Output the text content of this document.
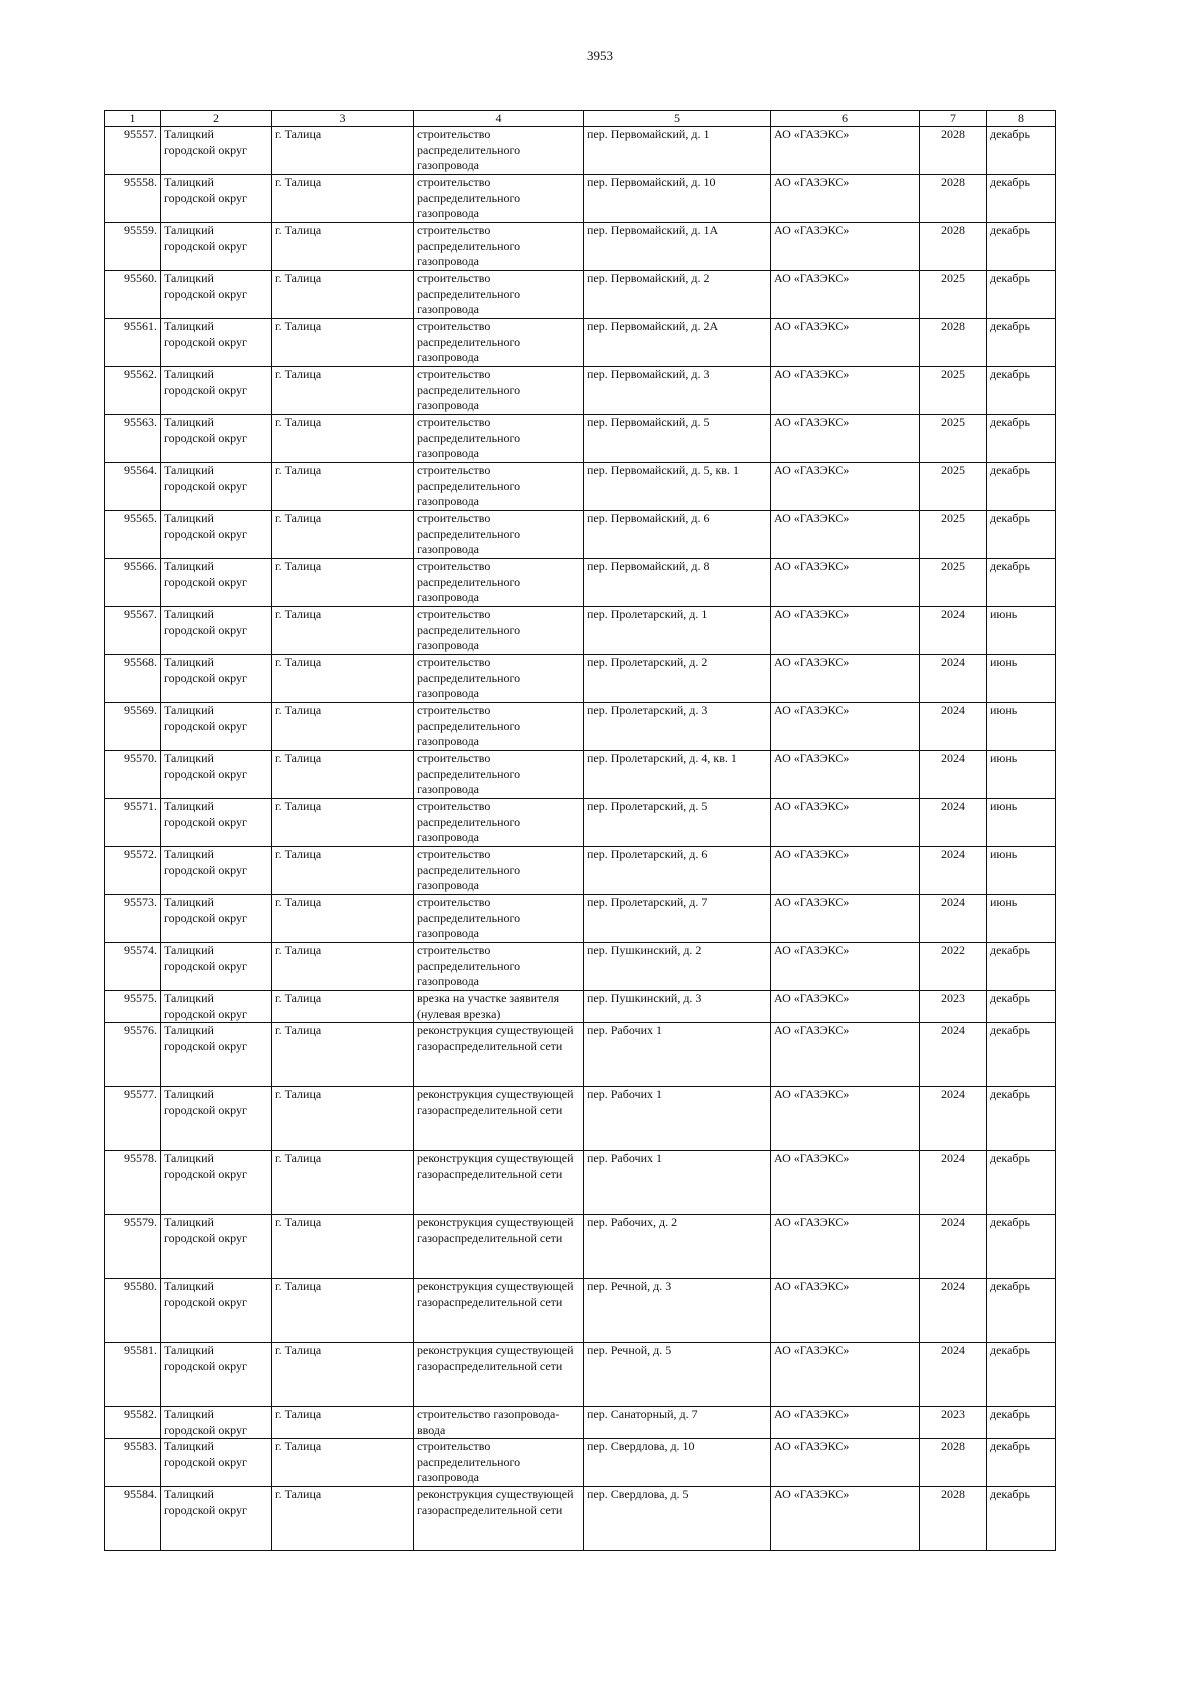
3953
1	2	3	4	5	6	7	8
95557.	Талицкий городской округ	г. Талица	строительство распределительного газопровода	пер. Первомайский, д. 1	АО «ГАЗЭКС»	2028	декабрь
95558.	Талицкий городской округ	г. Талица	строительство распределительного газопровода	пер. Первомайский, д. 10	АО «ГАЗЭКС»	2028	декабрь
95559.	Талицкий городской округ	г. Талица	строительство распределительного газопровода	пер. Первомайский, д. 1А	АО «ГАЗЭКС»	2028	декабрь
95560.	Талицкий городской округ	г. Талица	строительство распределительного газопровода	пер. Первомайский, д. 2	АО «ГАЗЭКС»	2025	декабрь
95561.	Талицкий городской округ	г. Талица	строительство распределительного газопровода	пер. Первомайский, д. 2А	АО «ГАЗЭКС»	2028	декабрь
95562.	Талицкий городской округ	г. Талица	строительство распределительного газопровода	пер. Первомайский, д. 3	АО «ГАЗЭКС»	2025	декабрь
95563.	Талицкий городской округ	г. Талица	строительство распределительного газопровода	пер. Первомайский, д. 5	АО «ГАЗЭКС»	2025	декабрь
95564.	Талицкий городской округ	г. Талица	строительство распределительного газопровода	пер. Первомайский, д. 5, кв. 1	АО «ГАЗЭКС»	2025	декабрь
95565.	Талицкий городской округ	г. Талица	строительство распределительного газопровода	пер. Первомайский, д. 6	АО «ГАЗЭКС»	2025	декабрь
95566.	Талицкий городской округ	г. Талица	строительство распределительного газопровода	пер. Первомайский, д. 8	АО «ГАЗЭКС»	2025	декабрь
95567.	Талицкий городской округ	г. Талица	строительство распределительного газопровода	пер. Пролетарский, д. 1	АО «ГАЗЭКС»	2024	июнь
95568.	Талицкий городской округ	г. Талица	строительство распределительного газопровода	пер. Пролетарский, д. 2	АО «ГАЗЭКС»	2024	июнь
95569.	Талицкий городской округ	г. Талица	строительство распределительного газопровода	пер. Пролетарский, д. 3	АО «ГАЗЭКС»	2024	июнь
95570.	Талицкий городской округ	г. Талица	строительство распределительного газопровода	пер. Пролетарский, д. 4, кв. 1	АО «ГАЗЭКС»	2024	июнь
95571.	Талицкий городской округ	г. Талица	строительство распределительного газопровода	пер. Пролетарский, д. 5	АО «ГАЗЭКС»	2024	июнь
95572.	Талицкий городской округ	г. Талица	строительство распределительного газопровода	пер. Пролетарский, д. 6	АО «ГАЗЭКС»	2024	июнь
95573.	Талицкий городской округ	г. Талица	строительство распределительного газопровода	пер. Пролетарский, д. 7	АО «ГАЗЭКС»	2024	июнь
95574.	Талицкий городской округ	г. Талица	строительство распределительного газопровода	пер. Пушкинский, д. 2	АО «ГАЗЭКС»	2022	декабрь
95575.	Талицкий городской округ	г. Талица	врезка на участке заявителя (нулевая врезка)	пер. Пушкинский, д. 3	АО «ГАЗЭКС»	2023	декабрь
95576.	Талицкий городской округ	г. Талица	реконструкция существующей газораспределительной сети	пер. Рабочих 1	АО «ГАЗЭКС»	2024	декабрь
95577.	Талицкий городской округ	г. Талица	реконструкция существующей газораспределительной сети	пер. Рабочих 1	АО «ГАЗЭКС»	2024	декабрь
95578.	Талицкий городской округ	г. Талица	реконструкция существующей газораспределительной сети	пер. Рабочих 1	АО «ГАЗЭКС»	2024	декабрь
95579.	Талицкий городской округ	г. Талица	реконструкция существующей газораспределительной сети	пер. Рабочих, д. 2	АО «ГАЗЭКС»	2024	декабрь
95580.	Талицкий городской округ	г. Талица	реконструкция существующей газораспределительной сети	пер. Речной, д. 3	АО «ГАЗЭКС»	2024	декабрь
95581.	Талицкий городской округ	г. Талица	реконструкция существующей газораспределительной сети	пер. Речной, д. 5	АО «ГАЗЭКС»	2024	декабрь
95582.	Талицкий городской округ	г. Талица	строительство газопровода-ввода	пер. Санаторный, д. 7	АО «ГАЗЭКС»	2023	декабрь
95583.	Талицкий городской округ	г. Талица	строительство распределительного газопровода	пер. Свердлова, д. 10	АО «ГАЗЭКС»	2028	декабрь
95584.	Талицкий городской округ	г. Талица	реконструкция существующей газораспределительной сети	пер. Свердлова, д. 5	АО «ГАЗЭКС»	2028	декабрь
